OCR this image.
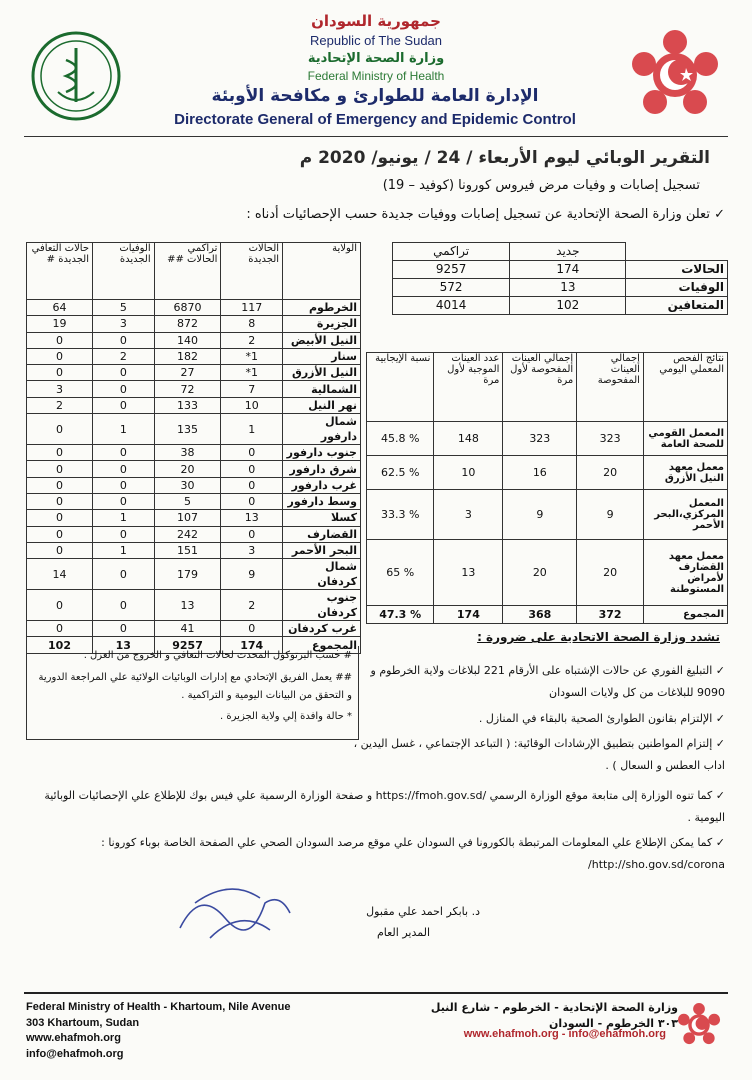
جمهورية السودان
Republic of The Sudan
وزارة الصحة الإتحادية
Federal Ministry of Health
الإدارة العامة للطوارئ و مكافحة الأوبئة
Directorate General of Emergency and Epidemic Control
التقرير الوبائي ليوم الأربعاء / 24 / يونيو/ 2020 م
تسجيل إصابات و وفيات مرض فيروس كورونا (كوفيد – 19)
✓ تعلن وزارة الصحة الإتحادية عن تسجيل إصابات ووفيات جديدة حسب الإحصائيات أدناه :
الولاية	الحالات الجديدة	تراكمي الحالات ##	الوفيات الجديدة	حالات التعافي الجديدة #
الخرطوم	117	6870	5	64
الجزيرة	8	872	3	19
النيل الأبيض	2	140	0	0
سنار	1*	182	2	0
النيل الأزرق	1*	27	0	0
الشمالية	7	72	0	3
نهر النيل	10	133	0	2
شمال دارفور	1	135	1	0
جنوب دارفور	0	38	0	0
شرق دارفور	0	20	0	0
غرب دارفور	0	30	0	0
وسط دارفور	0	5	0	0
كسلا	13	107	1	0
القضارف	0	242	0	0
البحر الأحمر	3	151	1	0
شمال كردفان	9	179	0	14
جنوب كردفان	2	13	0	0
غرب كردفان	0	41	0	0
المجموع	174	9257	13	102
	جديد	تراكمي
الحالات	174	9257
الوفيات	13	572
المتعافين	102	4014
نتائج الفحص المعملي اليومي	إجمالي العينات المفحوصة	إجمالي العينات المفحوصة لأول مرة	عدد العينات الموجبة لأول مرة	نسبة الإيجابية
المعمل القومي للصحة العامة	323	323	148	% 45.8
معمل معهد النيل الأزرق	20	16	10	% 62.5
المعمل المركزي،البحر الأحمر	9	9	3	% 33.3
معمل معهد القضارف لأمراض المستوطنة	20	20	13	% 65
المجموع	372	368	174	% 47.3
# حسب البرتوكول المحدث لحالات التعافي و الخروج من العزل .
## يعمل الفريق الإتحادي مع إدارات الوبائيات الولائية علي المراجعة الدورية و التحقق من البيانات اليومية و التراكمية .
* حالة وافدة إلي ولاية الجزيرة .
تشدد وزارة الصحة الاتحادية على ضرورة :
✓ التبليغ الفوري عن حالات الإشتباه على الأرقام 221 لبلاغات ولاية الخرطوم و 9090 للبلاغات من كل ولايات السودان
✓ الإلتزام بقانون الطوارئ الصحية بالبقاء في المنازل .
✓ إلتزام المواطنين بتطبيق الإرشادات الوقائية: ( التباعد الإجتماعي ، غسل اليدين ، اداب العطس و السعال ) .
✓ كما تنوه الوزارة إلى متابعة موقع الوزارة الرسمي /https://fmoh.gov.sd و صفحة الوزارة الرسمية علي فيس بوك للإطلاع علي الإحصائيات الوبائية اليومية .
✓ كما يمكن الإطلاع علي المعلومات المرتبطة بالكورونا في السودان علي موقع مرصد السودان الصحي علي الصفحة الخاصة بوباء كورونا : http://sho.gov.sd/corona/
د. بابكر احمد علي مقبول
المدير العام
Federal Ministry of Health - Khartoum, Nile Avenue
303 Khartoum, Sudan
www.ehafmoh.org
info@ehafmoh.org
وزارة الصحة الإتحادية - الخرطوم - شارع النيل
٣٠٣ الخرطوم - السودان
www.ehafmoh.org - info@ehafmoh.org
